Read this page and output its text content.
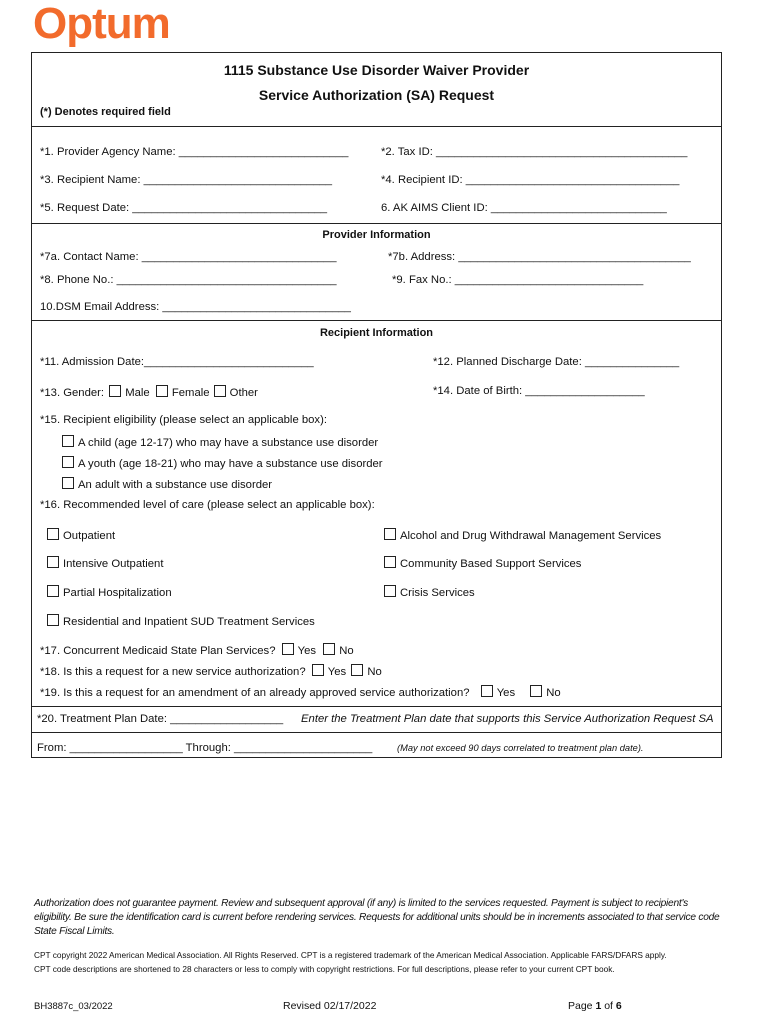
Optum
1115 Substance Use Disorder Waiver Provider
Service Authorization (SA) Request
(*) Denotes required field
*1. Provider Agency Name: ___________________________	*2. Tax ID: ________________________________________
*3. Recipient Name: ______________________________	*4. Recipient ID: __________________________________
*5. Request Date: _______________________________	6. AK AIMS Client ID: ____________________________
Provider Information
*7a. Contact Name: _______________________________	*7b. Address: _____________________________________
*8. Phone No.: ___________________________________	*9. Fax No.: ______________________________
10.DSM Email Address: ______________________________
Recipient Information
*11. Admission Date:___________________________	*12. Planned Discharge Date: _______________
*13. Gender: Male Female Other	*14. Date of Birth: ___________________
*15. Recipient eligibility (please select an applicable box):
A child (age 12-17) who may have a substance use disorder
A youth (age 18-21) who may have a substance use disorder
An adult with a substance use disorder
*16. Recommended level of care (please select an applicable box):
Outpatient	Alcohol and Drug Withdrawal Management Services
Intensive Outpatient	Community Based Support Services
Partial Hospitalization	Crisis Services
Residential and Inpatient SUD Treatment Services
*17. Concurrent Medicaid State Plan Services? Yes No
*18. Is this a request for a new service authorization? Yes No
*19. Is this a request for an amendment of an already approved service authorization? Yes	No
*20. Treatment Plan Date: __________________ Enter the Treatment Plan date that supports this Service Authorization Request SA
From: __________________ Through: ______________________	(May not exceed 90 days correlated to treatment plan date).
Authorization does not guarantee payment. Review and subsequent approval (if any) is limited to the services requested. Payment is subject to recipient's
eligibility. Be sure the identification card is current before rendering services. Requests for additional units should be in increments associated to that service code
State Fiscal Limits.
CPT copyright 2022 American Medical Association. All Rights Reserved. CPT is a registered trademark of the American Medical Association. Applicable FARS/DFARS apply.
CPT code descriptions are shortened to 28 characters or less to comply with copyright restrictions. For full descriptions, please refer to your current CPT book.
BH3887c_03/2022	Revised 02/17/2022	Page 1 of 6
